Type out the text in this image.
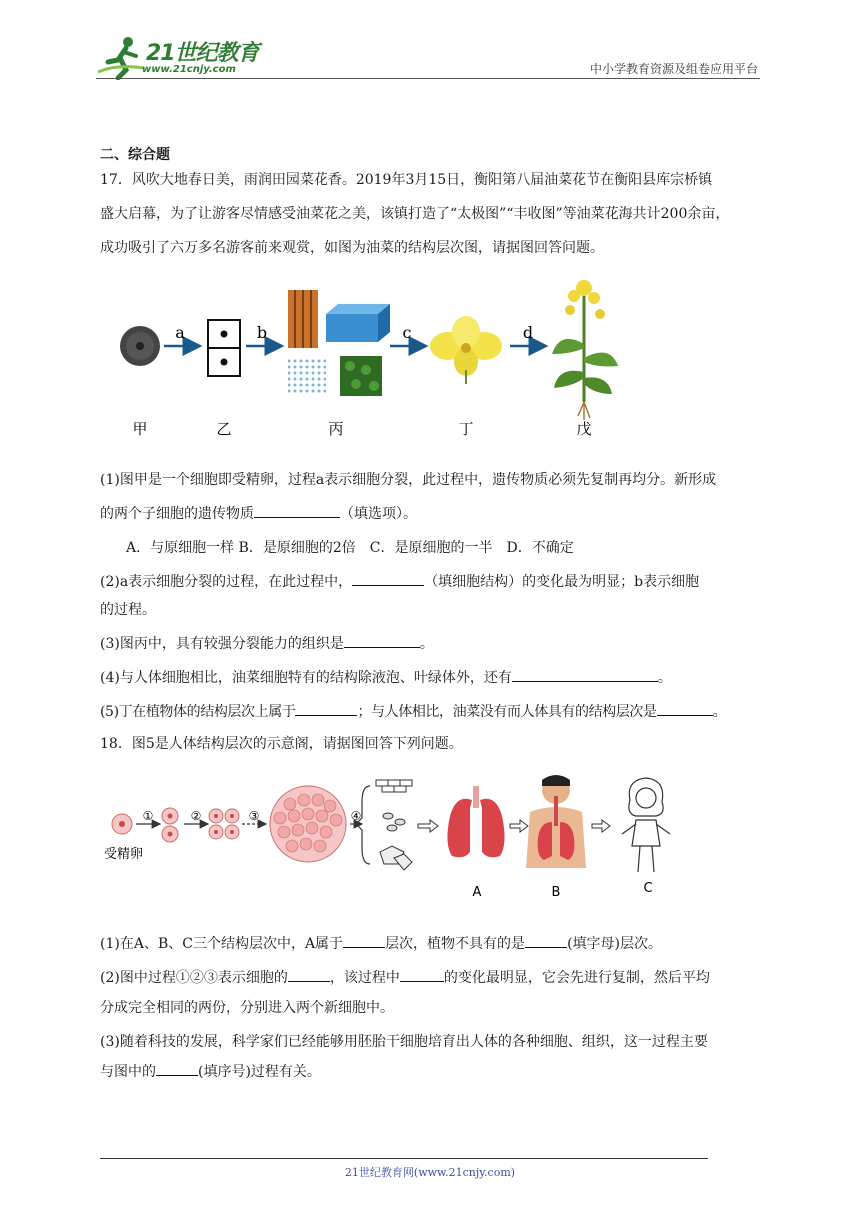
21世纪教育
www.21cnjy.com	中小学教育资源及组卷应用平台

二、综合题

17．风吹大地春日美，雨润田园菜花香。2019年3月15日，衡阳第八届油菜花节在衡阳县库宗桥镇

盛大启幕，为了让游客尽情感受油菜花之美，该镇打造了“太极图”“丰收图”等油菜花海共计200余亩，

成功吸引了六万多名游客前来观赏，如图为油菜的结构层次图，请据图回答问题。

a	b	c	d
甲	乙	丙	丁	戊

(1)图甲是一个细胞即受精卵，过程a表示细胞分裂，此过程中，遗传物质必须先复制再均分。新形成

的两个子细胞的遗传物质	（填选项）。

A．与原细胞一样 B．是原细胞的2倍　C．是原细胞的一半　D．不确定

(2)a表示细胞分裂的过程，在此过程中，	（填细胞结构）的变化最为明显；b表示细胞

的过程。

(3)图丙中，具有较强分裂能力的组织是	。

(4)与人体细胞相比，油菜细胞特有的结构除液泡、叶绿体外，还有	。

(5)丁在植物体的结构层次上属于	；与人体相比，油菜没有而人体具有的结构层次是	。

18．图5是人体结构层次的示意阁，请据图回答下列问题。

受精卵
①	②	③	④
A	B	C

(1)在A、B、C三个结构层次中，A属于	层次，植物不具有的是	(填字母)层次。

(2)图中过程①②③表示细胞的	，该过程中	的变化最明显，它会先进行复制，然后平均

分成完全相同的两份，分别进入两个新细胞中。

(3)随着科技的发展，科学家们已经能够用胚胎干细胞培育出人体的各种细胞、组织，这一过程主要

与图中的	(填序号)过程有关。

21世纪教育网(www.21cnjy.com)
